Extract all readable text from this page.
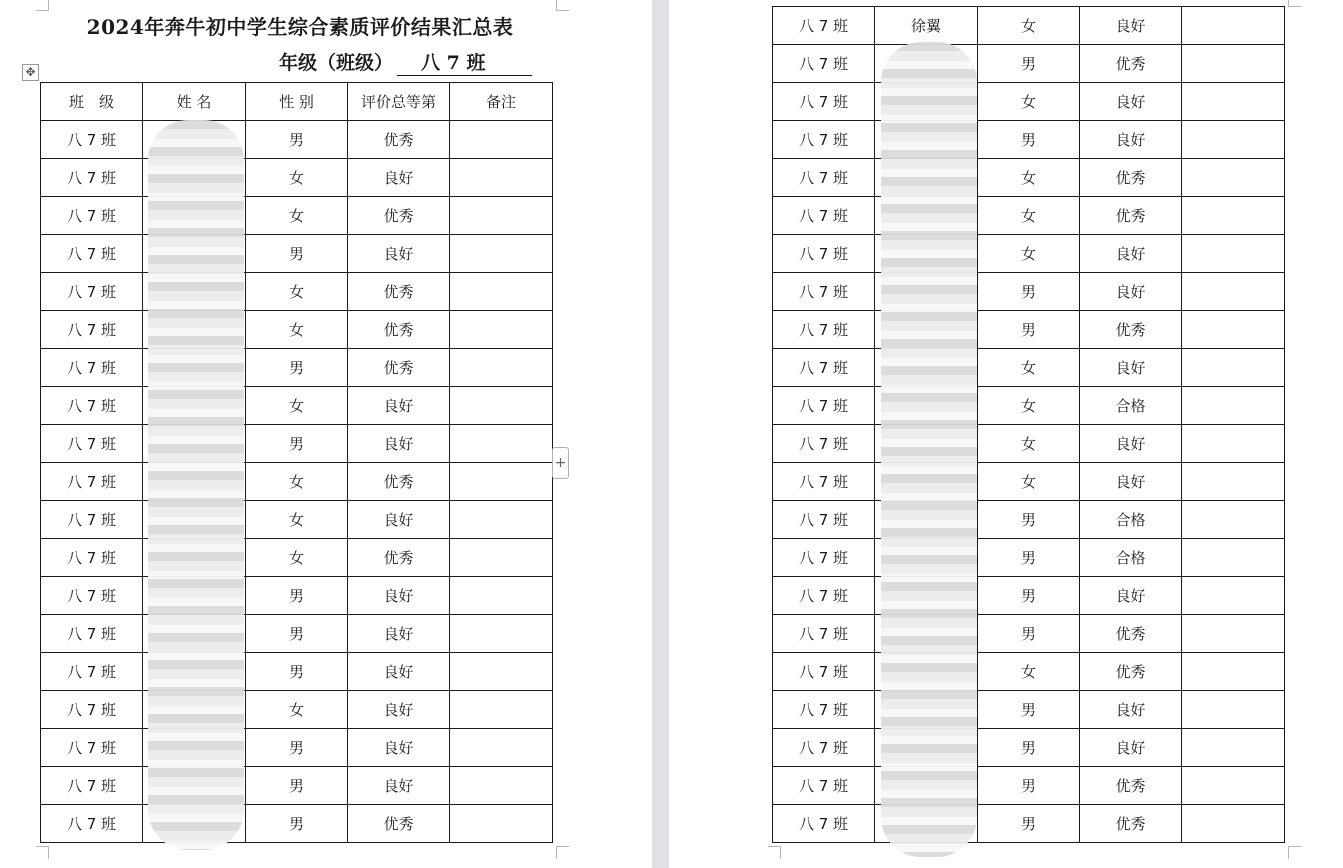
2024年奔牛初中学生综合素质评价结果汇总表
年级（班级） 八 7 班
✥
班　级	姓 名	性 别	评价总等第	备注
八 7 班		男	优秀	
八 7 班		女	良好	
八 7 班		女	优秀	
八 7 班		男	良好	
八 7 班		女	优秀	
八 7 班		女	优秀	
八 7 班		男	优秀	
八 7 班		女	良好	
八 7 班		男	良好	
八 7 班		女	优秀	
八 7 班		女	良好	
八 7 班		女	优秀	
八 7 班		男	良好	
八 7 班		男	良好	
八 7 班		男	良好	
八 7 班		女	良好	
八 7 班		男	良好	
八 7 班		男	良好	
八 7 班		男	优秀	
+
八 7 班	徐翼	女	良好	
八 7 班		男	优秀	
八 7 班		女	良好	
八 7 班		男	良好	
八 7 班		女	优秀	
八 7 班		女	优秀	
八 7 班		女	良好	
八 7 班		男	良好	
八 7 班		男	优秀	
八 7 班		女	良好	
八 7 班		女	合格	
八 7 班		女	良好	
八 7 班		女	良好	
八 7 班		男	合格	
八 7 班		男	合格	
八 7 班		男	良好	
八 7 班		男	优秀	
八 7 班		女	优秀	
八 7 班		男	良好	
八 7 班		男	良好	
八 7 班		男	优秀	
八 7 班		男	优秀	
